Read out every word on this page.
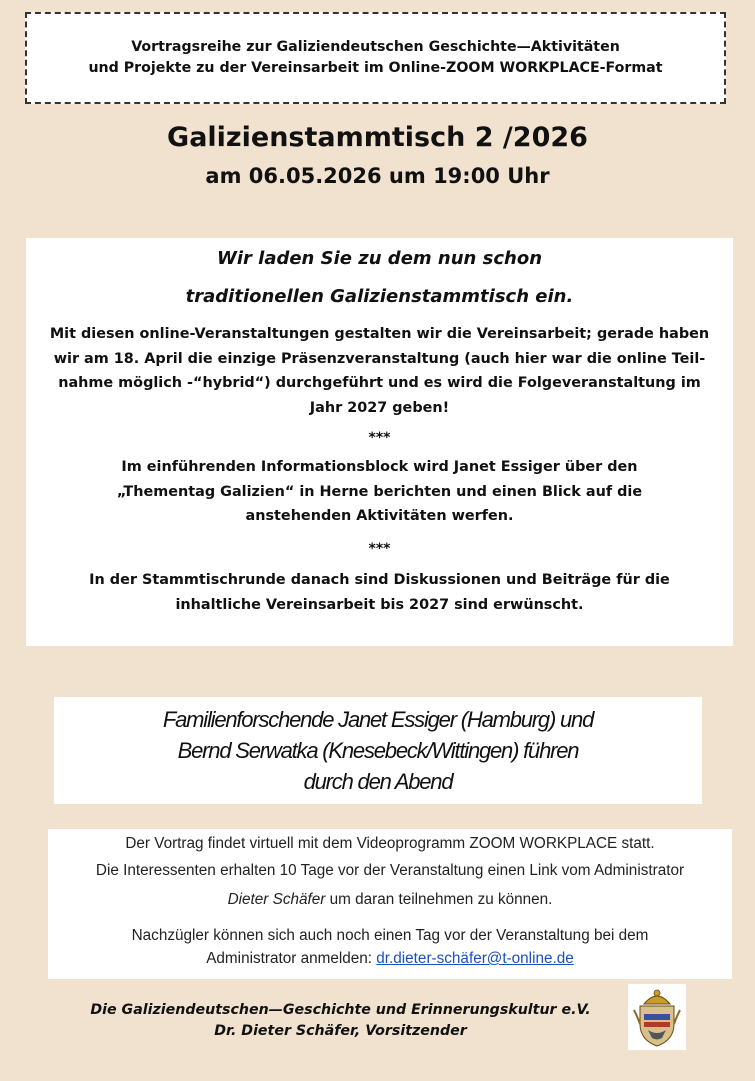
Vortragsreihe zur Galiziendeutschen Geschichte—Aktivitäten
und Projekte zu der Vereinsarbeit im Online-ZOOM WORKPLACE-Format
Galizienstammtisch 2 /2026
am 06.05.2026 um 19:00 Uhr
Wir laden Sie zu dem nun schon
traditionellen Galizienstammtisch ein.
Mit diesen online-Veranstaltungen gestalten wir die Vereinsarbeit; gerade haben
wir am 18. April die einzige Präsenzveranstaltung (auch hier war die online Teil-
nahme möglich -“hybrid“) durchgeführt und es wird die Folgeveranstaltung im
Jahr 2027 geben!
***
Im einführenden Informationsblock wird Janet Essiger über den
„Thementag Galizien“ in Herne berichten und einen Blick auf die
anstehenden Aktivitäten werfen.
***
In der Stammtischrunde danach sind Diskussionen und Beiträge für die
inhaltliche Vereinsarbeit bis 2027 sind erwünscht.
Familienforschende Janet Essiger (Hamburg) und
Bernd Serwatka (Knesebeck/Wittingen) führen
durch den Abend
Der Vortrag findet virtuell mit dem Videoprogramm ZOOM WORKPLACE statt.
Die Interessenten erhalten 10 Tage vor der Veranstaltung einen Link vom Administrator
Dieter Schäfer um daran teilnehmen zu können.
Nachzügler können sich auch noch einen Tag vor der Veranstaltung bei dem
Administrator anmelden: dr.dieter-schäfer@t-online.de
Die Galiziendeutschen—Geschichte und Erinnerungskultur e.V.
Dr. Dieter Schäfer, Vorsitzender
